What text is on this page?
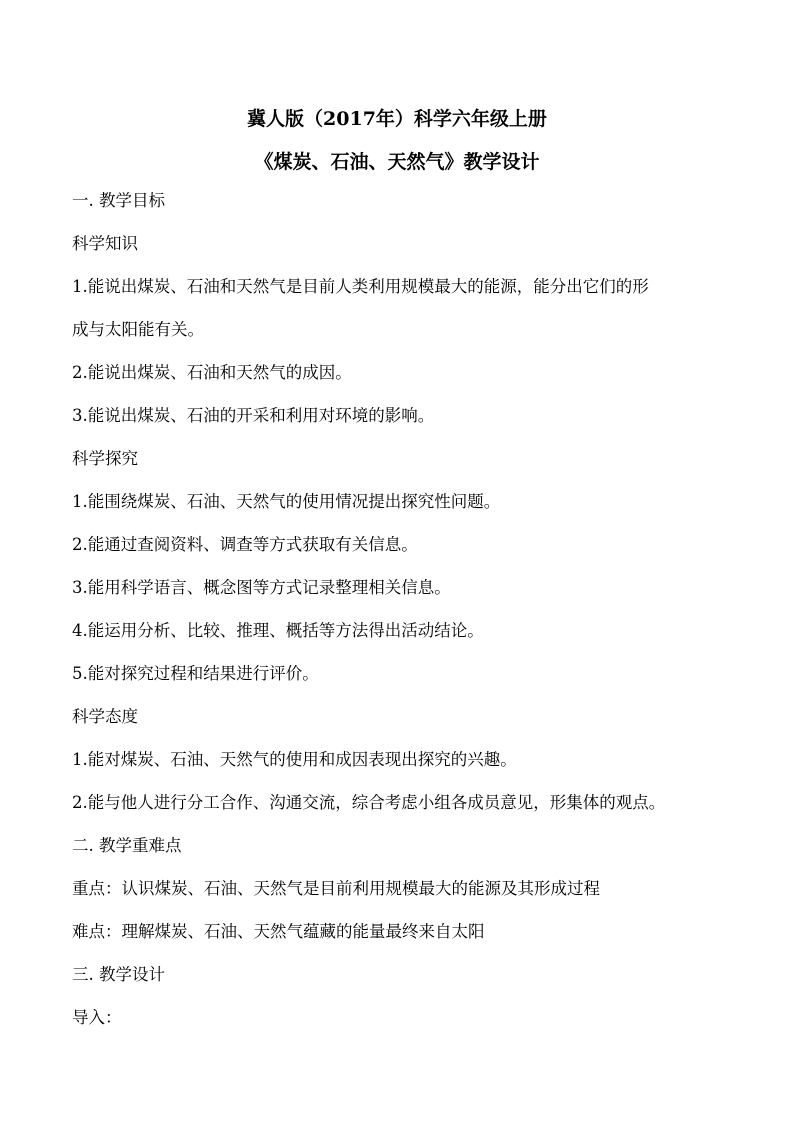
冀人版（2017年）科学六年级上册
《煤炭、石油、天然气》教学设计
一. 教学目标
科学知识
1.能说出煤炭、石油和天然气是目前人类利用规模最大的能源，能分出它们的形
成与太阳能有关。
2.能说出煤炭、石油和天然气的成因。
3.能说出煤炭、石油的开采和利用对环境的影响。
科学探究
1.能围绕煤炭、石油、天然气的使用情况提出探究性问题。
2.能通过查阅资料、调查等方式获取有关信息。
3.能用科学语言、概念图等方式记录整理相关信息。
4.能运用分析、比较、推理、概括等方法得出活动结论。
5.能对探究过程和结果进行评价。
科学态度
1.能对煤炭、石油、天然气的使用和成因表现出探究的兴趣。
2.能与他人进行分工合作、沟通交流，综合考虑小组各成员意见，形集体的观点。
二. 教学重难点
重点：认识煤炭、石油、天然气是目前利用规模最大的能源及其形成过程
难点：理解煤炭、石油、天然气蕴藏的能量最终来自太阳
三. 教学设计
导入：
